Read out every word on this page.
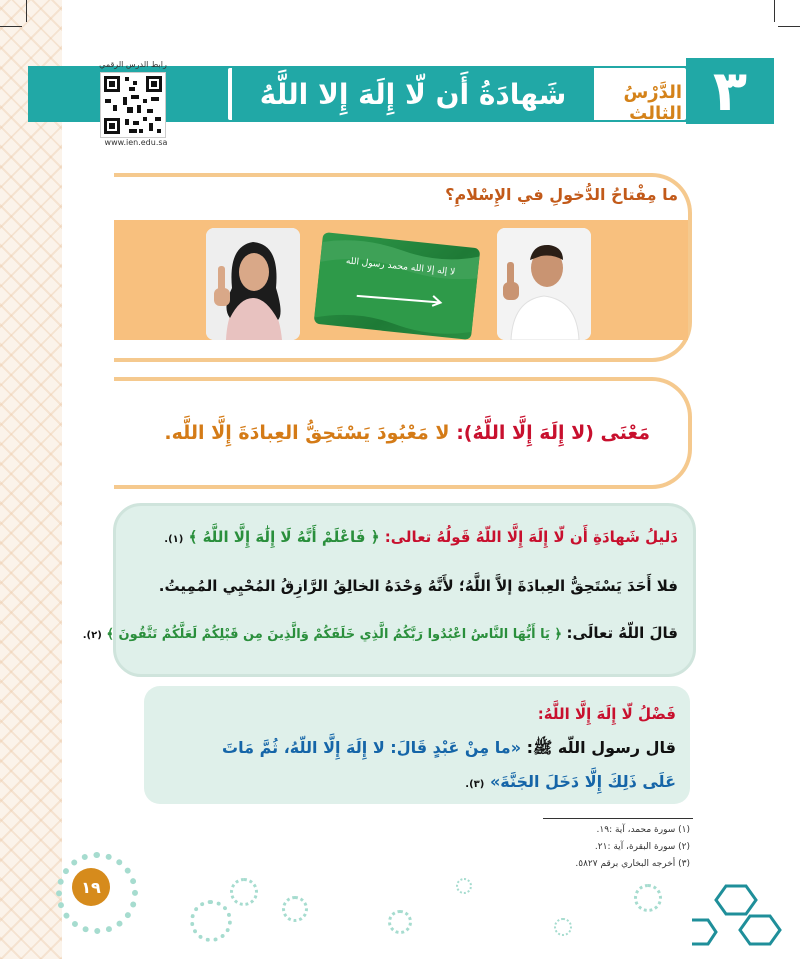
٣
الدَّرْسُ الثالث
شَهادَةُ أَن لّا إِلَهَ إِلا اللَّهُ
رابط الدرس الرقمي
www.ien.edu.sa
ما مِفْتاحُ الدُّخولِ في الإِسْلامِ؟
لا إله إلا الله محمد رسول الله
مَعْنَى (لا إِلَهَ إِلَّا اللَّهُ): لا مَعْبُودَ يَسْتَحِقُّ العِبادَةَ إِلَّا اللَّه.
دَليلُ شَهادَةِ أَن لّا إِلَهَ إِلَّا اللّهُ قَولُهُ تعالى: ﴿ فَاعْلَمْ أَنَّهُ لَا إِلَٰهَ إِلَّا اللَّهُ ﴾ (١).
فلا أَحَدَ يَسْتَحِقُّ العِبادَةَ إلاَّ اللَّهُ؛ لأَنَّهُ وَحْدَهُ الخالِقُ الرَّازِقُ المُحْيِي المُمِيتُ.
قالَ اللّهُ تعالَى: ﴿ يَا أَيُّهَا النَّاسُ اعْبُدُوا رَبَّكُمُ الَّذِي خَلَقَكُمْ وَالَّذِينَ مِن قَبْلِكُمْ لَعَلَّكُمْ تَتَّقُونَ ﴾ (٢).
فَضْلُ لّا إِلَهَ إِلَّا اللَّهُ:
قال رسول اللّه ﷺ: «ما مِنْ عَبْدٍ قَالَ: لا إِلَهَ إِلَّا اللّهُ، ثُمَّ مَاتَ
عَلَى ذَلِكَ إِلَّا دَخَلَ الجَنَّةَ» (٣).
(١) سورة محمد، آية :١٩.
(٢) سورة البقرة، آية :٢١.
(٣) أخرجه البخاري برقم ٥٨٢٧.
١٩
